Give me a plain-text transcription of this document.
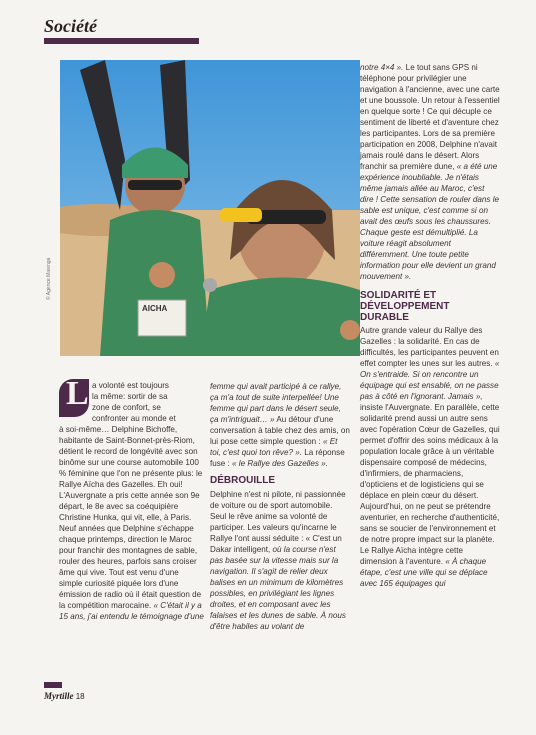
Société
AICHA
© Agence Maienga

a volonté est toujours

la même: sortir de sa

zone de confort, se

confronter au monde et

L

à soi-même… Delphine Bichoffe, habitante de Saint-Bonnet-près-Riom, détient le record de longévité avec son binôme sur une course automobile 100 % féminine que l'on ne présente plus: le Rallye Aïcha des Gazelles. Eh oui! L'Auvergnate a pris cette année son 9e départ, le 8e avec sa coéquipière Christine Hunka, qui vit, elle, à Paris. Neuf années que Delphine s'échappe chaque printemps, direction le Maroc pour franchir des montagnes de sable, rouler des heures, parfois sans croiser âme qui vive. Tout est venu d'une simple curiosité piquée lors d'une émission de radio où il était question de la compétition marocaine. « C'était il y a 15 ans, j'ai entendu le témoignage d'une

femme qui avait participé à ce rallye, ça m'a tout de suite interpellée! Une femme qui part dans le désert seule, ça m'intriguait… » Au détour d'une conversation à table chez des amis, on lui pose cette simple question : « Et toi, c'est quoi ton rêve? ». La réponse fuse : « le Rallye des Gazelles ».

DÉBROUILLE

Delphine n'est ni pilote, ni passionnée de voiture ou de sport automobile. Seul le rêve anime sa volonté de participer. Les valeurs qu'incarne le Rallye l'ont aussi séduite : « C'est un Dakar intelligent, où la course n'est pas basée sur la vitesse mais sur la navigation. Il s'agit de relier deux balises en un minimum de kilomètres possibles, en privilégiant les lignes droites, et en composant avec les falaises et les dunes de sable. À nous d'être habiles au volant de

notre 4×4 ». Le tout sans GPS ni téléphone pour privilégier une navigation à l'ancienne, avec une carte et une boussole. Un retour à l'essentiel en quelque sorte ! Ce qui décuple ce sentiment de liberté et d'aventure chez les participantes. Lors de sa première participation en 2008, Delphine n'avait jamais roulé dans le désert. Alors franchir sa première dune, « a été une expérience inoubliable. Je n'étais même jamais allée au Maroc, c'est dire ! Cette sensation de rouler dans le sable est unique, c'est comme si on avait des œufs sous les chaussures. Chaque geste est démultiplié. La voiture réagit absolument différemment. Une toute petite information pour elle devient un grand mouvement ».

SOLIDARITÉ ET

DÉVELOPPEMENT

DURABLE

Autre grande valeur du Rallye des Gazelles : la solidarité. En cas de difficultés, les participantes peuvent en effet compter les unes sur les autres. « On s'entraide. Si on rencontre un équipage qui est ensablé, on ne passe pas à côté en l'ignorant. Jamais », insiste l'Auvergnate. En parallèle, cette solidarité prend aussi un autre sens avec l'opération Cœur de Gazelles, qui permet d'offrir des soins médicaux à la population locale grâce à un véritable dispensaire composé de médecins, d'infirmiers, de pharmaciens, d'opticiens et de logisticiens qui se déplace en plein cœur du désert. Aujourd'hui, on ne peut se prétendre aventurier, en recherche d'authenticité, sans se soucier de l'environnement et de notre propre impact sur la planète. Le Rallye Aïcha intègre cette dimension à l'aventure. « À chaque étape, c'est une ville qui se déplace avec 165 équipages qui

Myrtille 18
